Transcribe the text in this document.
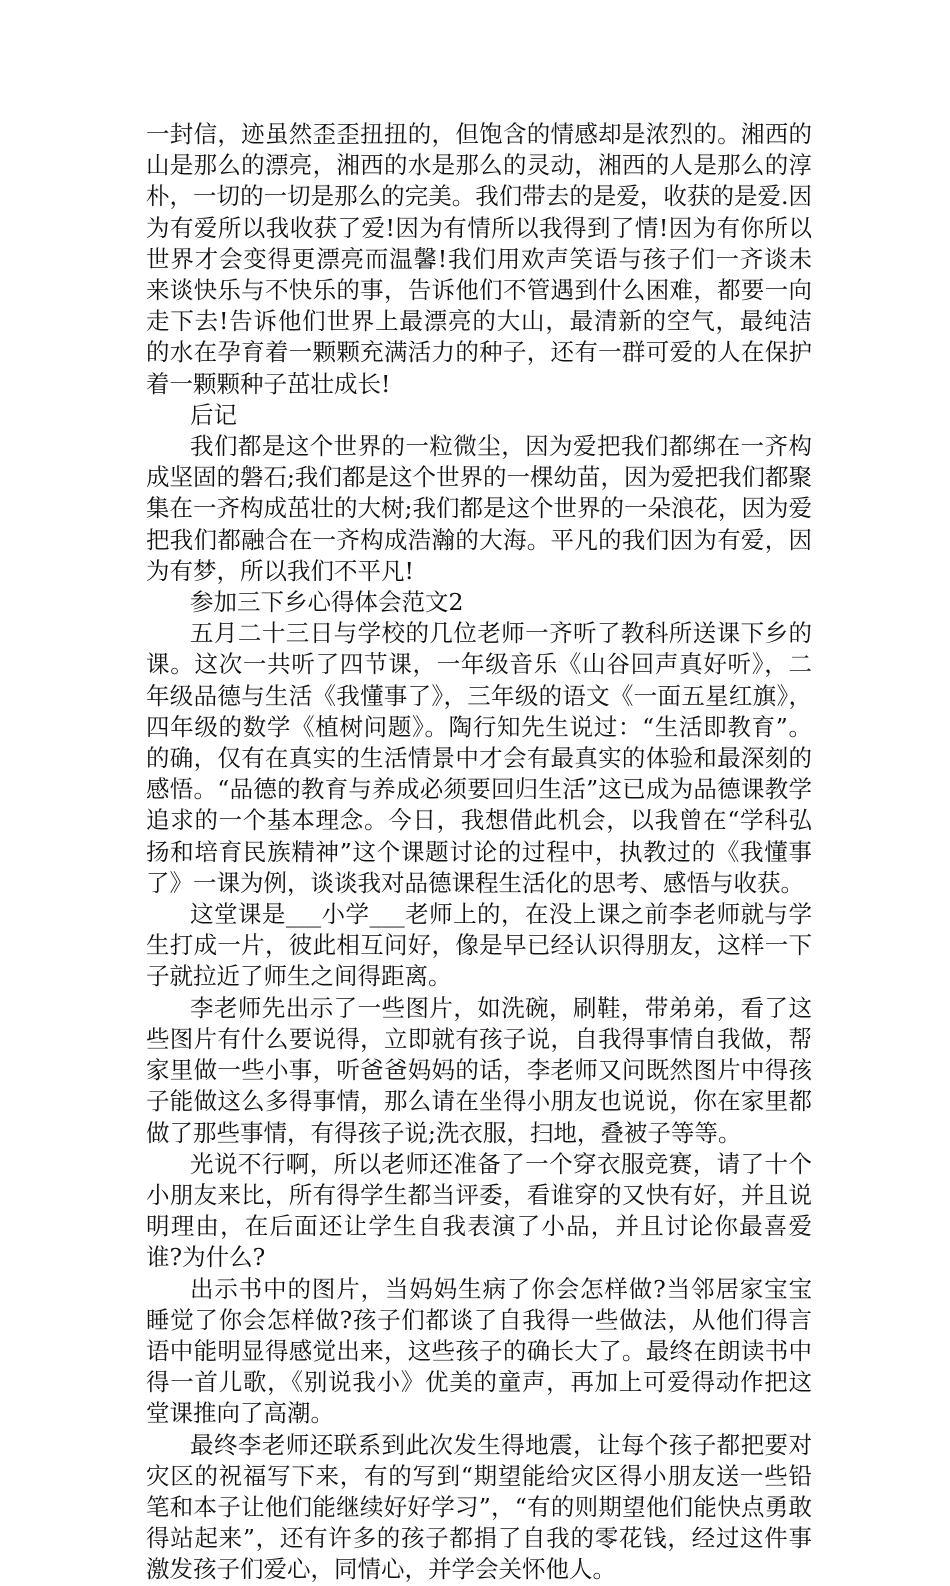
一封信，迹虽然歪歪扭扭的，但饱含的情感却是浓烈的。湘西的山是那么的漂亮，湘西的水是那么的灵动，湘西的人是那么的淳朴，一切的一切是那么的完美。我们带去的是爱，收获的是爱.因为有爱所以我收获了爱!因为有情所以我得到了情!因为有你所以世界才会变得更漂亮而温馨!我们用欢声笑语与孩子们一齐谈未来谈快乐与不快乐的事，告诉他们不管遇到什么困难，都要一向走下去!告诉他们世界上最漂亮的大山，最清新的空气，最纯洁的水在孕育着一颗颗充满活力的种子，还有一群可爱的人在保护着一颗颗种子茁壮成长!

后记

我们都是这个世界的一粒微尘，因为爱把我们都绑在一齐构成坚固的磐石;我们都是这个世界的一棵幼苗，因为爱把我们都聚集在一齐构成茁壮的大树;我们都是这个世界的一朵浪花，因为爱把我们都融合在一齐构成浩瀚的大海。平凡的我们因为有爱，因为有梦，所以我们不平凡!

参加三下乡心得体会范文2

五月二十三日与学校的几位老师一齐听了教科所送课下乡的课。这次一共听了四节课，一年级音乐《山谷回声真好听》，二年级品德与生活《我懂事了》，三年级的语文《一面五星红旗》，四年级的数学《植树问题》。陶行知先生说过：“生活即教育”。的确，仅有在真实的生活情景中才会有最真实的体验和最深刻的感悟。“品德的教育与养成必须要回归生活”这已成为品德课教学追求的一个基本理念。今日，我想借此机会，以我曾在“学科弘扬和培育民族精神”这个课题讨论的过程中，执教过的《我懂事了》一课为例，谈谈我对品德课程生活化的思考、感悟与收获。

这堂课是___小学___老师上的，在没上课之前李老师就与学生打成一片，彼此相互问好，像是早已经认识得朋友，这样一下子就拉近了师生之间得距离。

李老师先出示了一些图片，如洗碗，刷鞋，带弟弟，看了这些图片有什么要说得，立即就有孩子说，自我得事情自我做，帮家里做一些小事，听爸爸妈妈的话，李老师又问既然图片中得孩子能做这么多得事情，那么请在坐得小朋友也说说，你在家里都做了那些事情，有得孩子说;洗衣服，扫地，叠被子等等。

光说不行啊，所以老师还准备了一个穿衣服竞赛，请了十个小朋友来比，所有得学生都当评委，看谁穿的又快有好，并且说明理由，在后面还让学生自我表演了小品，并且讨论你最喜爱谁?为什么?

出示书中的图片，当妈妈生病了你会怎样做?当邻居家宝宝睡觉了你会怎样做?孩子们都谈了自我得一些做法，从他们得言语中能明显得感觉出来，这些孩子的确长大了。最终在朗读书中得一首儿歌，《别说我小》优美的童声，再加上可爱得动作把这堂课推向了高潮。

最终李老师还联系到此次发生得地震，让每个孩子都把要对灾区的祝福写下来，有的写到“期望能给灾区得小朋友送一些铅笔和本子让他们能继续好好学习”，“有的则期望他们能快点勇敢得站起来”，还有许多的孩子都捐了自我的零花钱，经过这件事激发孩子们爱心，同情心，并学会关怀他人。
